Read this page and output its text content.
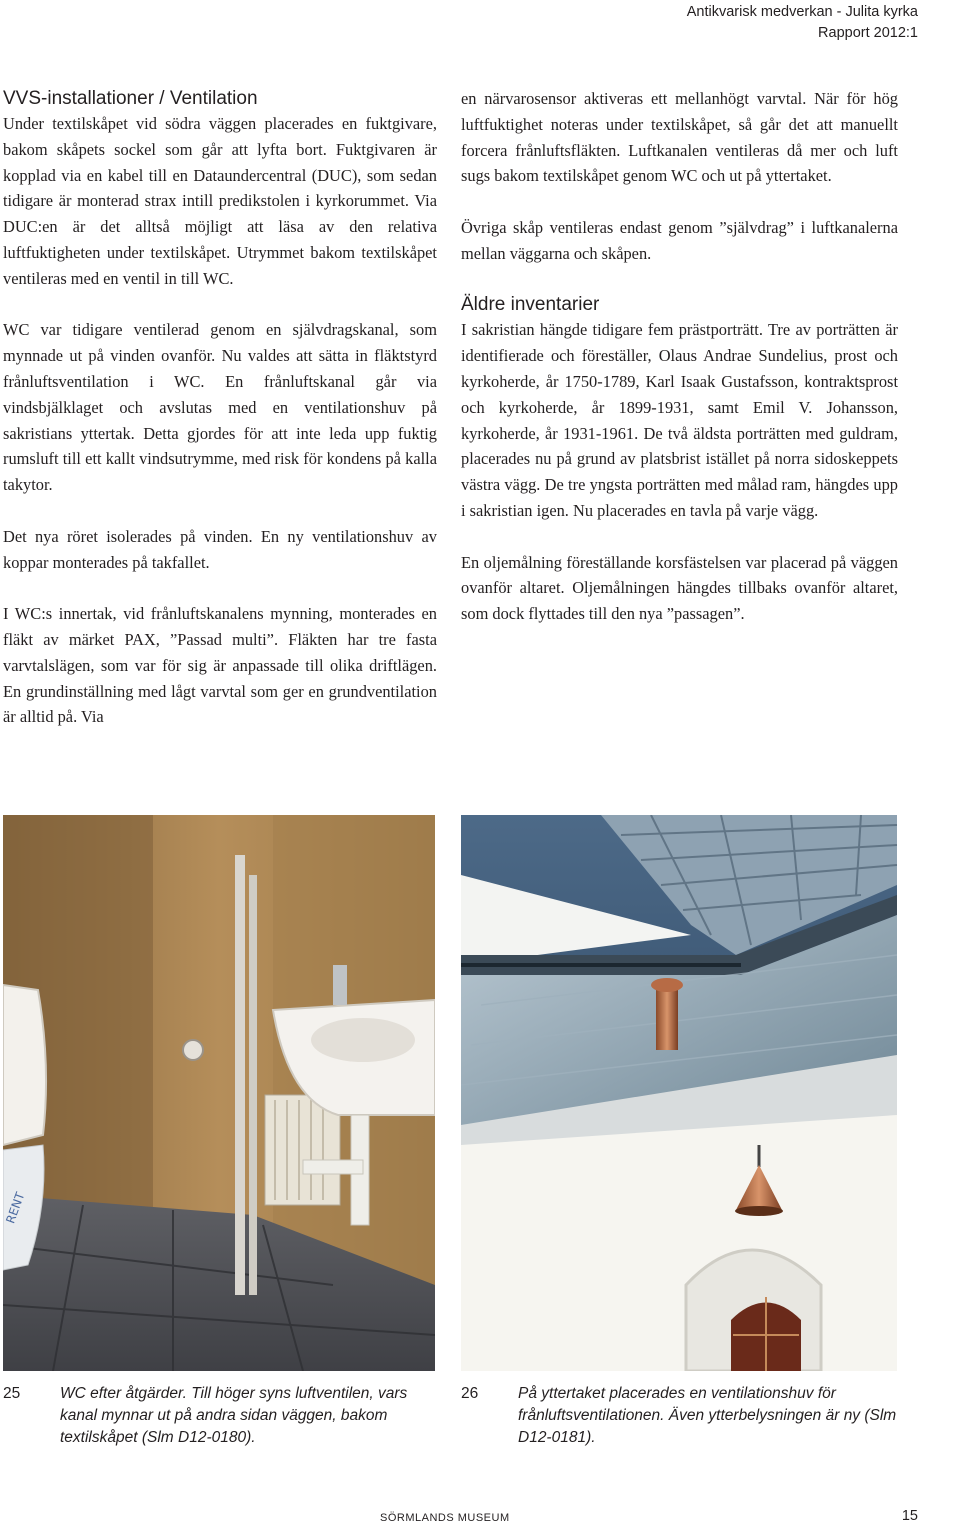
Antikvarisk medverkan - Julita kyrka
Rapport 2012:1
VVS-installationer / Ventilation

Under textilskåpet vid södra väggen placerades en fuktgivare, bakom skåpets sockel som går att lyfta bort. Fuktgivaren är kopplad via en kabel till en Dataundercentral (DUC), som sedan tidigare är monterad strax intill predikstolen i kyrkorummet. Via DUC:en är det alltså möjligt att läsa av den relativa luftfuktigheten under textilskåpet. Utrymmet bakom textilskåpet ventileras med en ventil in till WC.

WC var tidigare ventilerad genom en självdragskanal, som mynnade ut på vinden ovanför. Nu valdes att sätta in fläktstyrd frånluftsventilation i WC. En frånluftskanal går via vindsbjälklaget och avslutas med en ventilationshuv på sakristians yttertak. Detta gjordes för att inte leda upp fuktig rumsluft till ett kallt vindsutrymme, med risk för kondens på kalla takytor.

Det nya röret isolerades på vinden. En ny ventilationshuv av koppar monterades på takfallet.

I WC:s innertak, vid frånluftskanalens mynning, monterades en fläkt av märket PAX, ”Passad multi”. Fläkten har tre fasta varvtalslägen, som var för sig är anpassade till olika driftlägen. En grundinställning med lågt varvtal som ger en grundventilation är alltid på. Via

en närvarosensor aktiveras ett mellanhögt varvtal. När för hög luftfuktighet noteras under textilskåpet, så går det att manuellt forcera frånluftsfläkten. Luftkanalen ventileras då mer och luft sugs bakom textilskåpet genom WC och ut på yttertaket.

Övriga skåp ventileras endast genom ”självdrag” i luftkanalerna mellan väggarna och skåpen.

Äldre inventarier

I sakristian hängde tidigare fem prästporträtt. Tre av porträtten är identifierade och föreställer, Olaus Andrae Sundelius, prost och kyrkoherde, år 1750-1789, Karl Isaak Gustafsson, kontraktsprost och kyrkoherde, år 1899-1931, samt Emil V. Johansson, kyrkoherde, år 1931-1961. De två äldsta porträtten med guldram, placerades nu på grund av platsbrist istället på norra sidoskeppets västra vägg. De tre yngsta porträtten med målad ram, hängdes upp i sakristian igen. Nu placerades en tavla på varje vägg.

En oljemålning föreställande korsfästelsen var placerad på väggen ovanför altaret. Oljemålningen hängdes tillbaks ovanför altaret, som dock flyttades till den nya ”passagen”.

RENT
25	WC efter åtgärder. Till höger syns luftventilen, vars kanal mynnar ut på andra sidan väggen, bakom textilskåpet (Slm D12-0180).
26	På yttertaket placerades en ventilationshuv för frånluftsventilationen. Även ytterbelysningen är ny (Slm D12-0181).
SÖRMLANDS MUSEUM	15
